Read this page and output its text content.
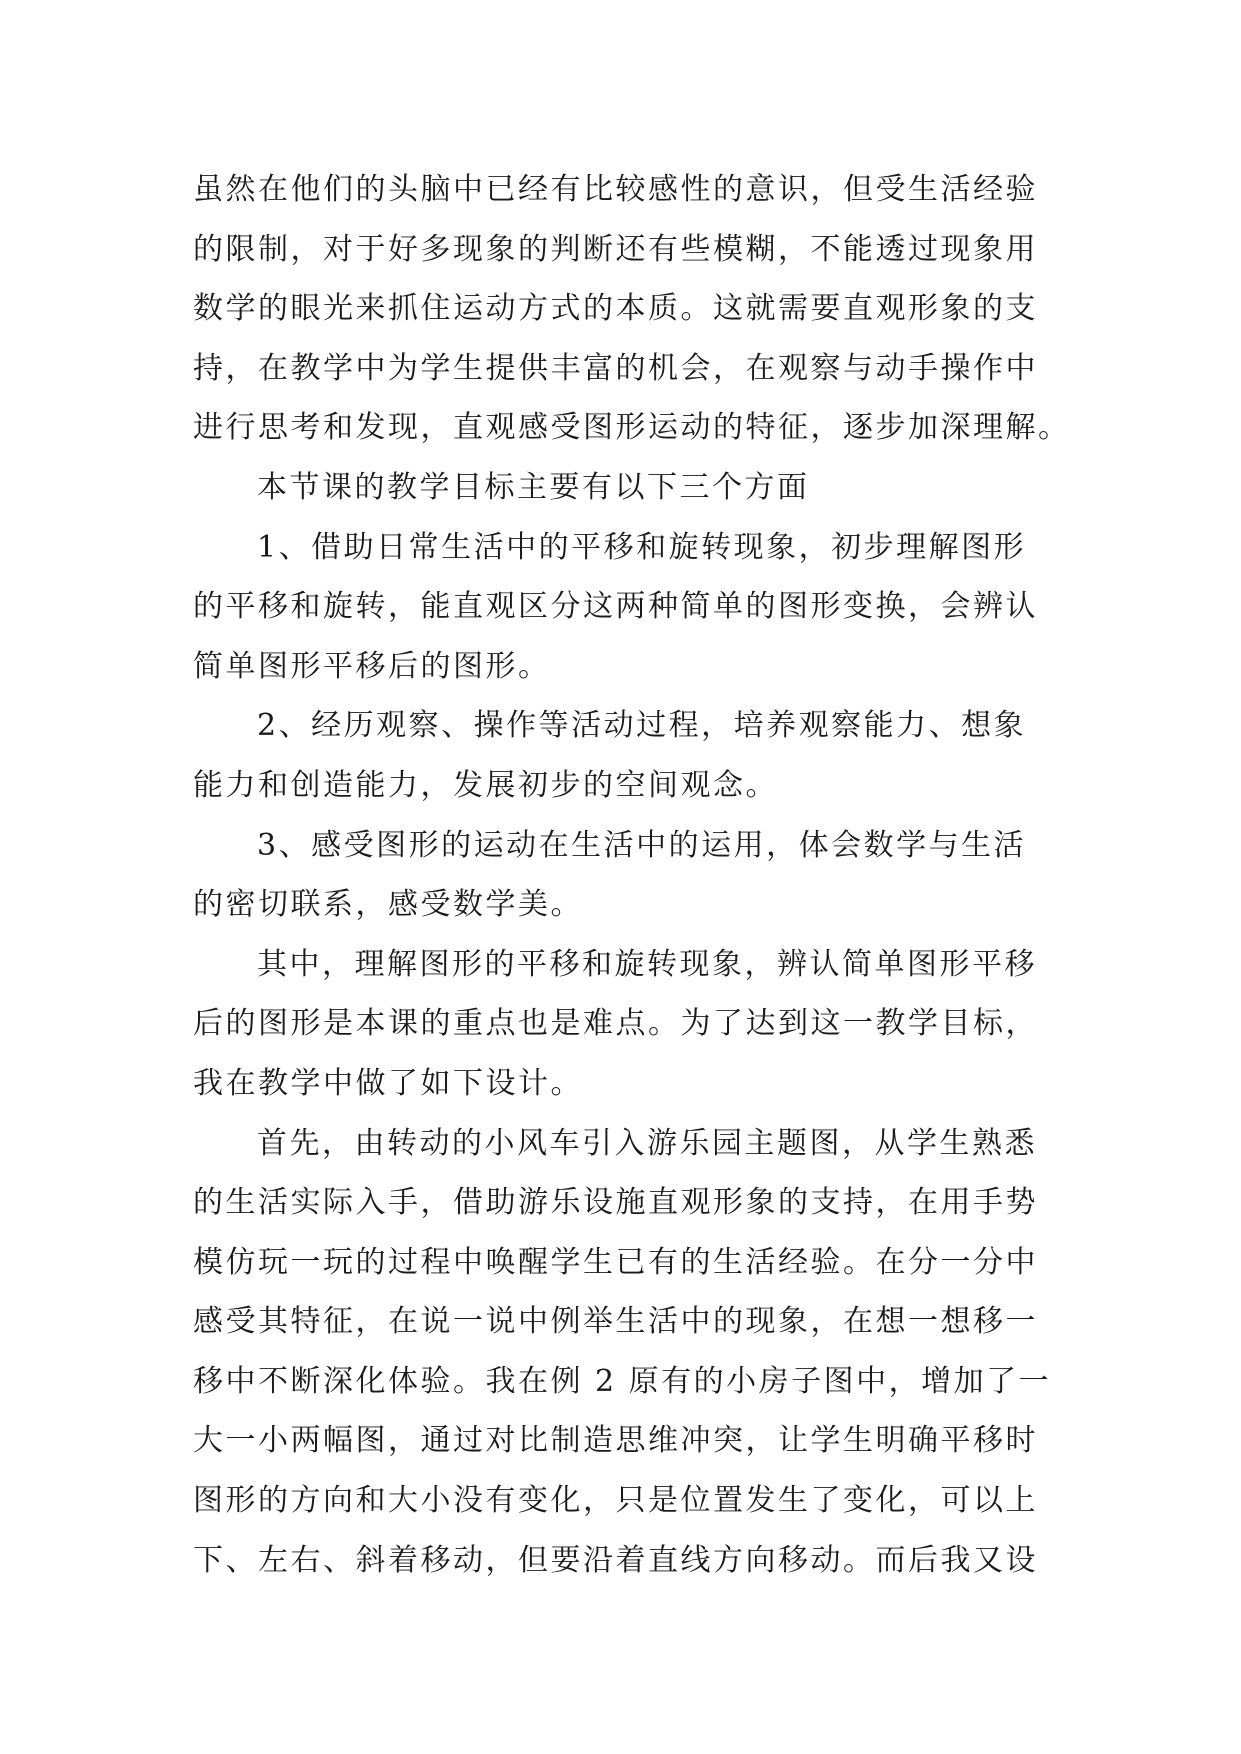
虽然在他们的头脑中已经有比较感性的意识，但受生活经验
的限制，对于好多现象的判断还有些模糊，不能透过现象用
数学的眼光来抓住运动方式的本质。这就需要直观形象的支
持，在教学中为学生提供丰富的机会，在观察与动手操作中
进行思考和发现，直观感受图形运动的特征，逐步加深理解。
本节课的教学目标主要有以下三个方面
1、借助日常生活中的平移和旋转现象，初步理解图形
的平移和旋转，能直观区分这两种简单的图形变换，会辨认
简单图形平移后的图形。
2、经历观察、操作等活动过程，培养观察能力、想象
能力和创造能力，发展初步的空间观念。
3、感受图形的运动在生活中的运用，体会数学与生活
的密切联系，感受数学美。
其中，理解图形的平移和旋转现象，辨认简单图形平移
后的图形是本课的重点也是难点。为了达到这一教学目标，
我在教学中做了如下设计。
首先，由转动的小风车引入游乐园主题图，从学生熟悉
的生活实际入手，借助游乐设施直观形象的支持，在用手势
模仿玩一玩的过程中唤醒学生已有的生活经验。在分一分中
感受其特征，在说一说中例举生活中的现象，在想一想移一
移中不断深化体验。我在例 2 原有的小房子图中，增加了一
大一小两幅图，通过对比制造思维冲突，让学生明确平移时
图形的方向和大小没有变化，只是位置发生了变化，可以上
下、左右、斜着移动，但要沿着直线方向移动。而后我又设
